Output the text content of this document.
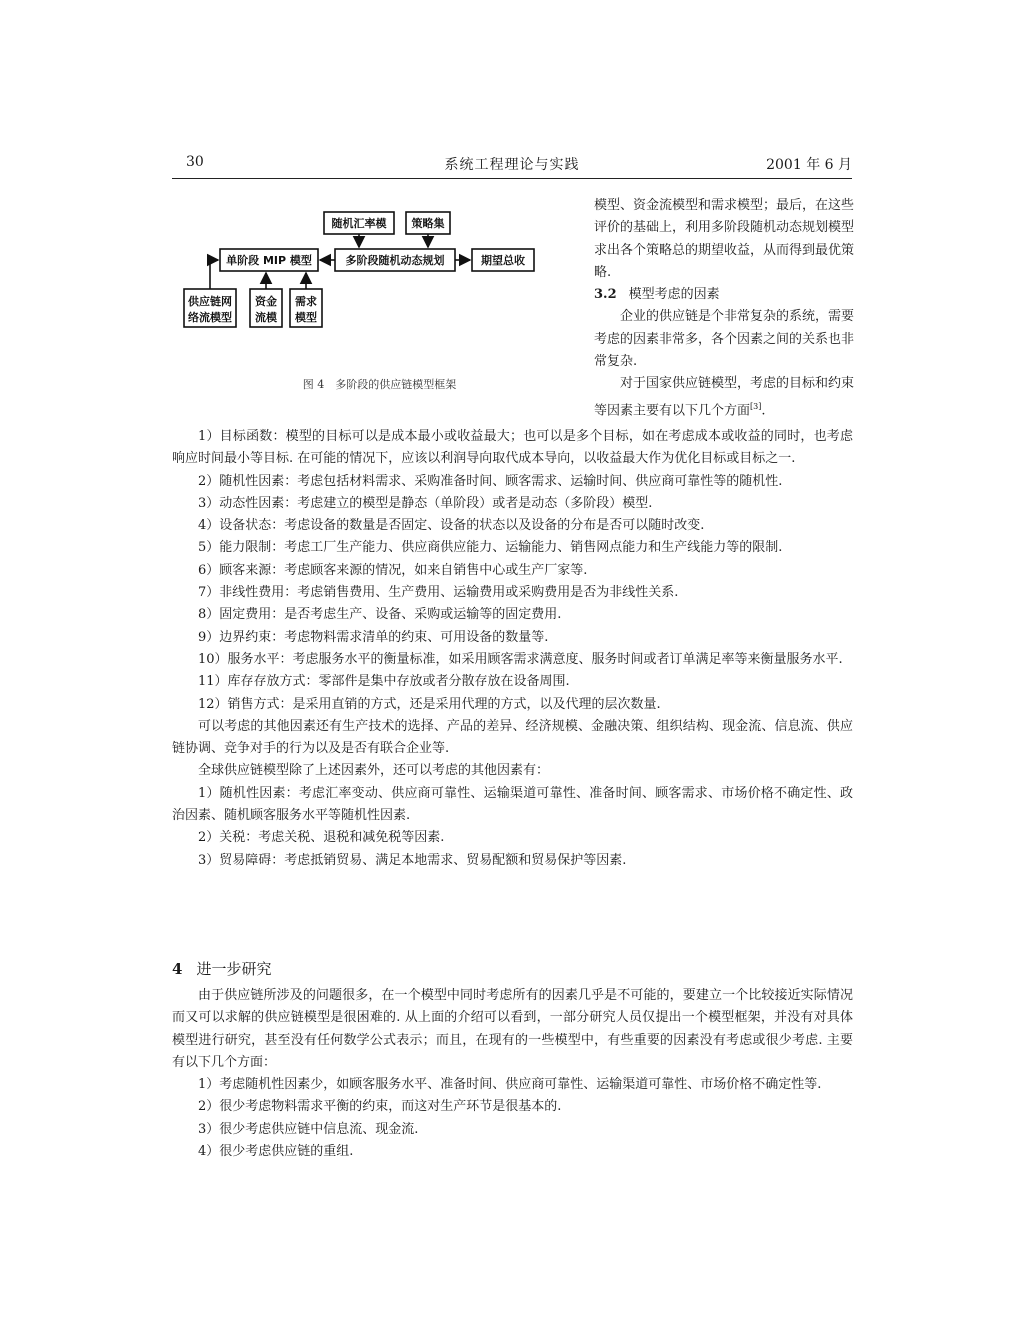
30	系统工程理论与实践	2001 年 6 月
随机汇率模 策略集
单阶段 MIP 模型	多阶段随机动态规划	期望总收
供应链网
络流模型
资金
流模
需求
模型
图 4　多阶段的供应链模型框架

模型、资金流模型和需求模型；最后，在这些评价的基础上，利用多阶段随机动态规划模型求出各个策略总的期望收益，从而得到最优策略.

3.2 模型考虑的因素

企业的供应链是个非常复杂的系统，需要考虑的因素非常多，各个因素之间的关系也非常复杂.

对于国家供应链模型，考虑的目标和约束等因素主要有以下几个方面[3].

1）目标函数：模型的目标可以是成本最小或收益最大；也可以是多个目标，如在考虑成本或收益的同时，也考虑响应时间最小等目标. 在可能的情况下，应该以利润导向取代成本导向，以收益最大作为优化目标或目标之一.

2）随机性因素：考虑包括材料需求、采购准备时间、顾客需求、运输时间、供应商可靠性等的随机性.

3）动态性因素：考虑建立的模型是静态（单阶段）或者是动态（多阶段）模型.

4）设备状态：考虑设备的数量是否固定、设备的状态以及设备的分布是否可以随时改变.

5）能力限制：考虑工厂生产能力、供应商供应能力、运输能力、销售网点能力和生产线能力等的限制.

6）顾客来源：考虑顾客来源的情况，如来自销售中心或生产厂家等.

7）非线性费用：考虑销售费用、生产费用、运输费用或采购费用是否为非线性关系.

8）固定费用：是否考虑生产、设备、采购或运输等的固定费用.

9）边界约束：考虑物料需求清单的约束、可用设备的数量等.

10）服务水平：考虑服务水平的衡量标准，如采用顾客需求满意度、服务时间或者订单满足率等来衡量服务水平.

11）库存存放方式：零部件是集中存放或者分散存放在设备周围.

12）销售方式：是采用直销的方式，还是采用代理的方式，以及代理的层次数量.

可以考虑的其他因素还有生产技术的选择、产品的差异、经济规模、金融决策、组织结构、现金流、信息流、供应链协调、竞争对手的行为以及是否有联合企业等.

全球供应链模型除了上述因素外，还可以考虑的其他因素有：

1）随机性因素：考虑汇率变动、供应商可靠性、运输渠道可靠性、准备时间、顾客需求、市场价格不确定性、政治因素、随机顾客服务水平等随机性因素.

2）关税：考虑关税、退税和减免税等因素.

3）贸易障碍：考虑抵销贸易、满足本地需求、贸易配额和贸易保护等因素.

4 进一步研究

由于供应链所涉及的问题很多，在一个模型中同时考虑所有的因素几乎是不可能的，要建立一个比较接近实际情况而又可以求解的供应链模型是很困难的. 从上面的介绍可以看到，一部分研究人员仅提出一个模型框架，并没有对具体模型进行研究，甚至没有任何数学公式表示；而且，在现有的一些模型中，有些重要的因素没有考虑或很少考虑. 主要有以下几个方面：

1）考虑随机性因素少，如顾客服务水平、准备时间、供应商可靠性、运输渠道可靠性、市场价格不确定性等.

2）很少考虑物料需求平衡的约束，而这对生产环节是很基本的.

3）很少考虑供应链中信息流、现金流.

4）很少考虑供应链的重组.
